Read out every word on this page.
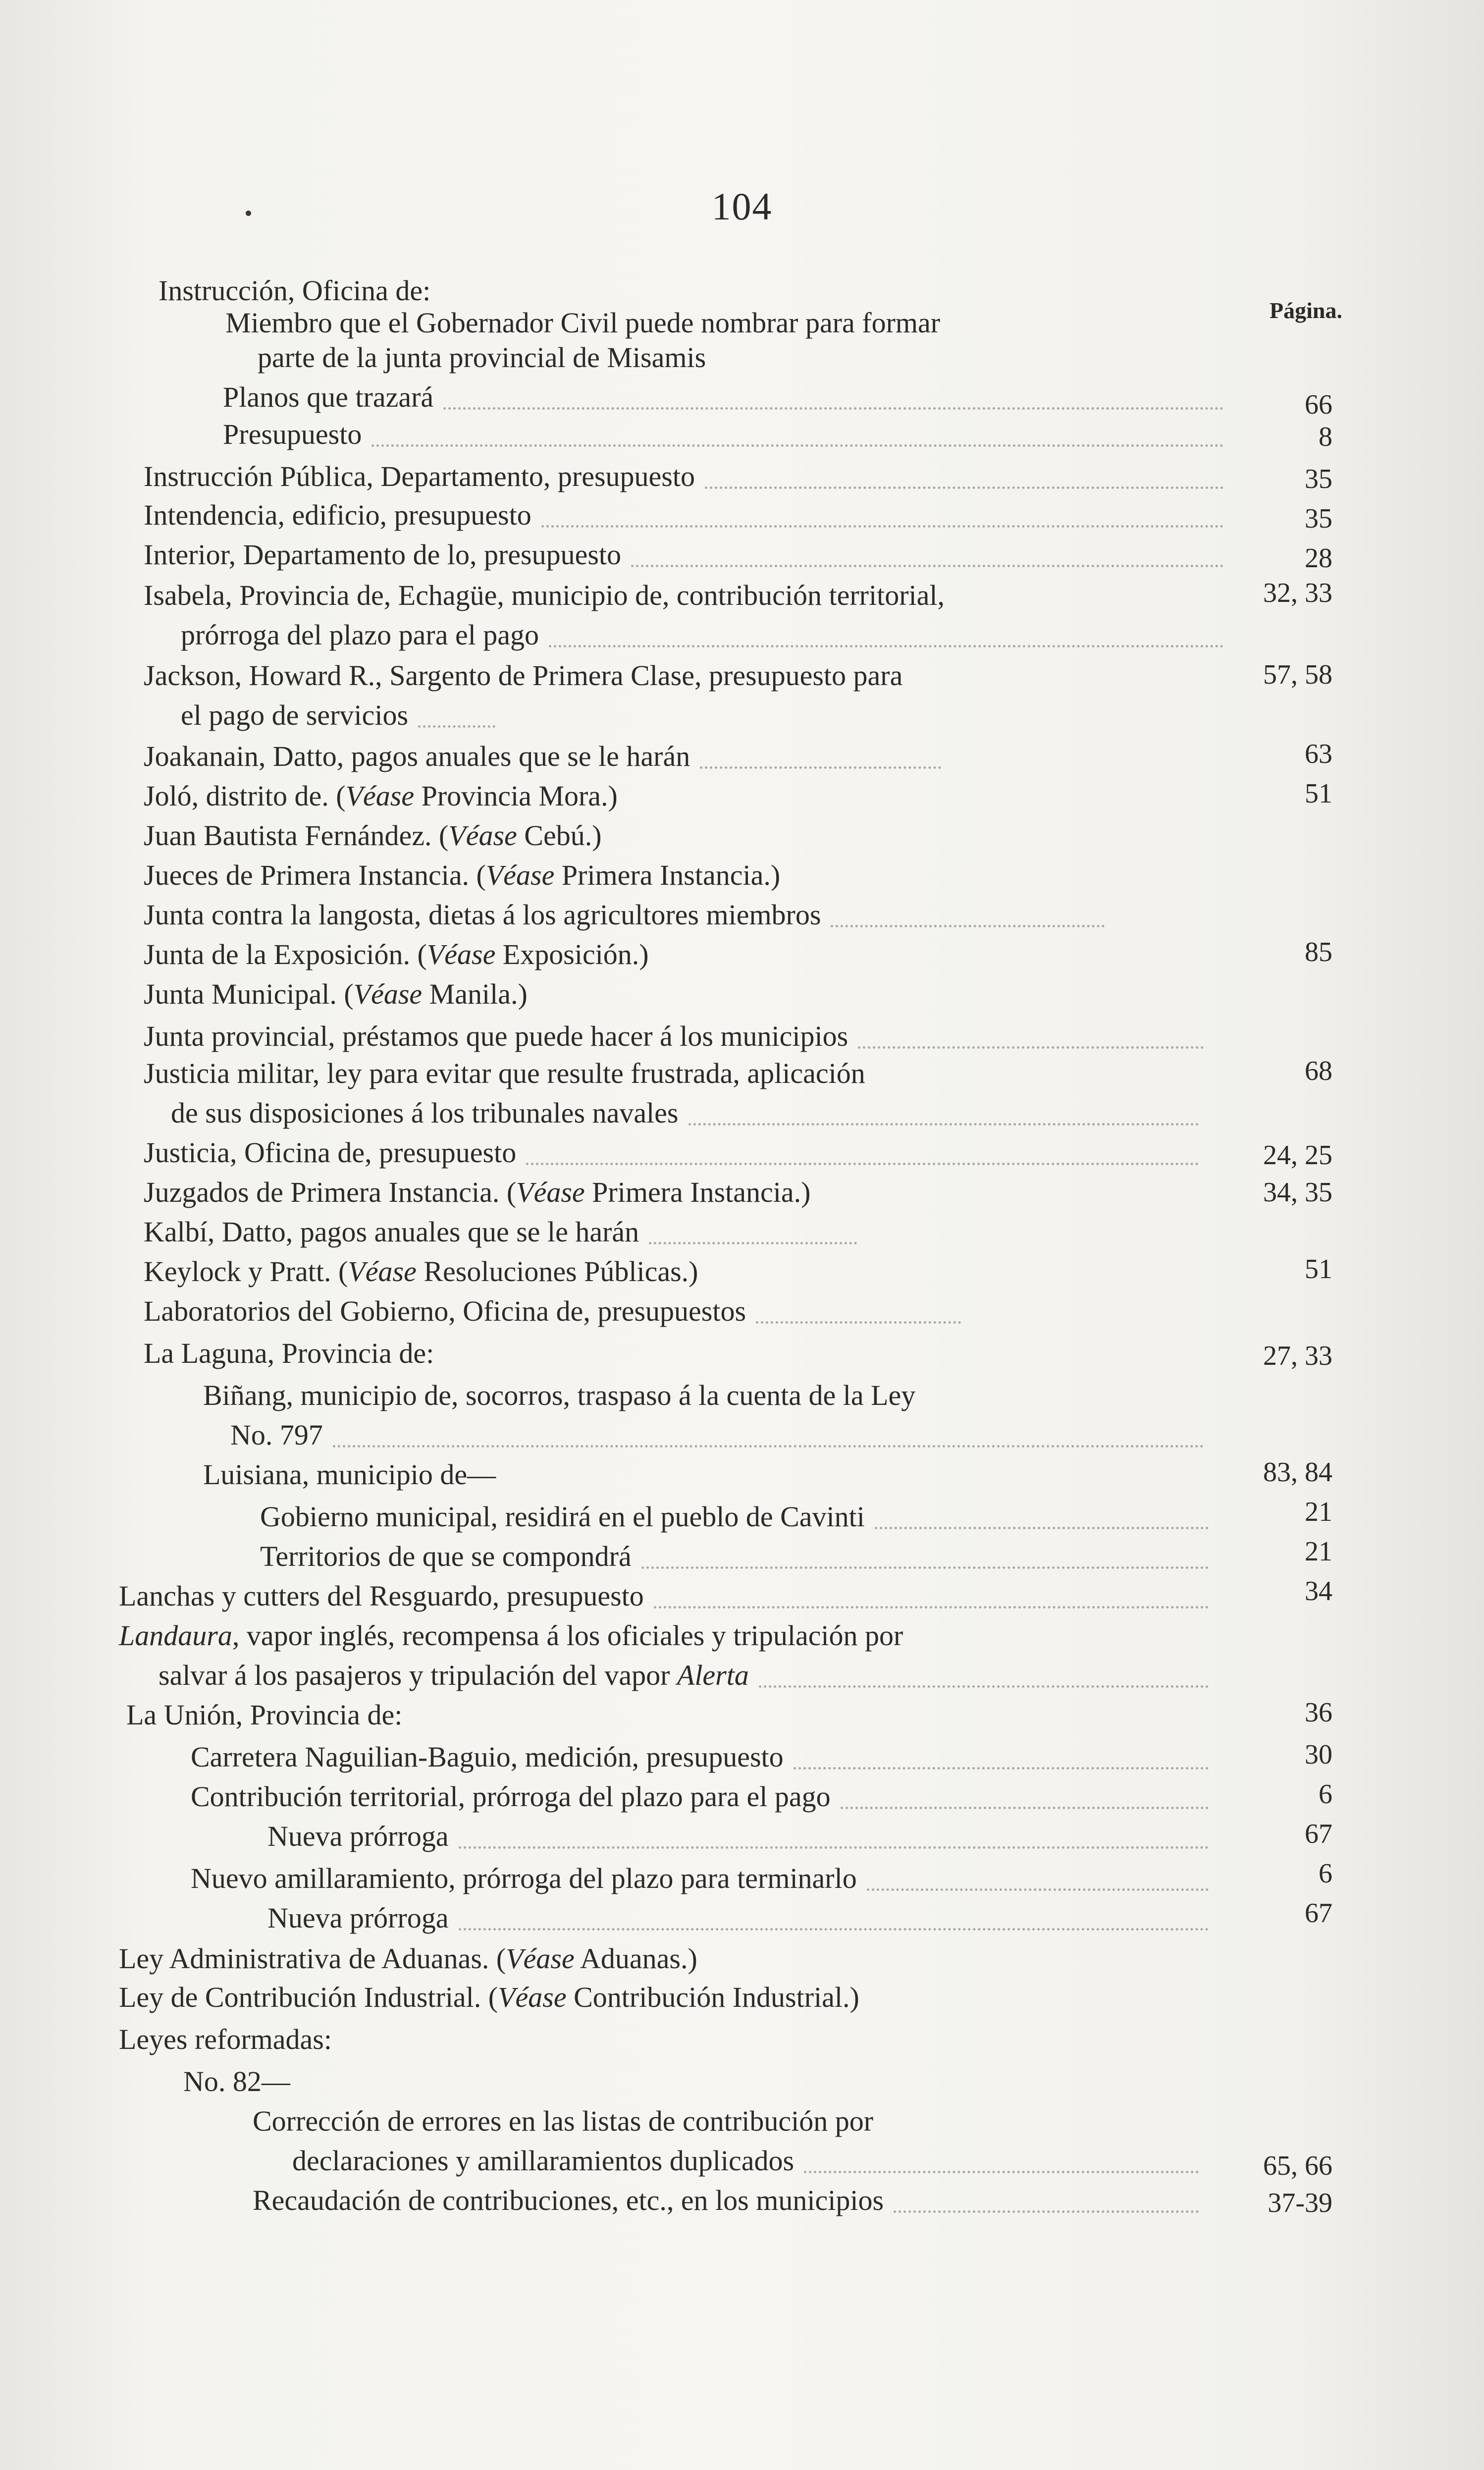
104
Página.
Instrucción, Oficina de:
Miembro que el Gobernador Civil puede nombrar para formar
parte de la junta provincial de Misamis
Planos que trazará	66
Presupuesto	8
Instrucción Pública, Departamento, presupuesto	35
Intendencia, edificio, presupuesto	35
Interior, Departamento de lo, presupuesto	28
Isabela, Provincia de, Echagüe, municipio de, contribución territorial,	32, 33
prórroga del plazo para el pago
Jackson, Howard R., Sargento de Primera Clase, presupuesto para	57, 58
el pago de servicios
Joakanain, Datto, pagos anuales que se le harán	63
Joló, distrito de. (Véase Provincia Mora.)	51
Juan Bautista Fernández. (Véase Cebú.)
Jueces de Primera Instancia. (Véase Primera Instancia.)
Junta contra la langosta, dietas á los agricultores miembros
Junta de la Exposición. (Véase Exposición.)	85
Junta Municipal. (Véase Manila.)
Junta provincial, préstamos que puede hacer á los municipios
Justicia militar, ley para evitar que resulte frustrada, aplicación	68
de sus disposiciones á los tribunales navales
Justicia, Oficina de, presupuesto	24, 25
Juzgados de Primera Instancia. (Véase Primera Instancia.)	34, 35
Kalbí, Datto, pagos anuales que se le harán
Keylock y Pratt. (Véase Resoluciones Públicas.)	51
Laboratorios del Gobierno, Oficina de, presupuestos
La Laguna, Provincia de:	27, 33
Biñang, municipio de, socorros, traspaso á la cuenta de la Ley
No. 797
Luisiana, municipio de—	83, 84
Gobierno municipal, residirá en el pueblo de Cavinti	21
Territorios de que se compondrá	21
Lanchas y cutters del Resguardo, presupuesto	34
Landaura, vapor inglés, recompensa á los oficiales y tripulación por
salvar á los pasajeros y tripulación del vapor Alerta
La Unión, Provincia de:	36
Carretera Naguilian-Baguio, medición, presupuesto	30
Contribución territorial, prórroga del plazo para el pago	6
Nueva prórroga	67
Nuevo amillaramiento, prórroga del plazo para terminarlo	6
Nueva prórroga	67
Ley Administrativa de Aduanas. (Véase Aduanas.)
Ley de Contribución Industrial. (Véase Contribución Industrial.)
Leyes reformadas:
No. 82—
Corrección de errores en las listas de contribución por
declaraciones y amillaramientos duplicados	65, 66
Recaudación de contribuciones, etc., en los municipios	37-39
